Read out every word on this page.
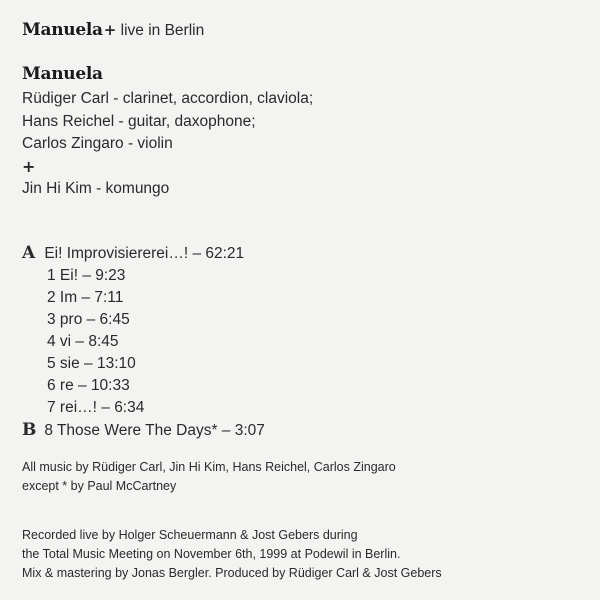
Manuela+ live in Berlin
Manuela
Rüdiger Carl - clarinet, accordion, claviola;
Hans Reichel - guitar, daxophone;
Carlos Zingaro - violin
+
Jin Hi Kim - komungo
A Ei! Improvisiererei…! – 62:21
1 Ei! – 9:23
2 Im – 7:11
3 pro – 6:45
4 vi – 8:45
5 sie – 13:10
6 re – 10:33
7 rei…! – 6:34
B 8 Those Were The Days* – 3:07
All music by Rüdiger Carl, Jin Hi Kim, Hans Reichel, Carlos Zingaro
except * by Paul McCartney
Recorded live by Holger Scheuermann & Jost Gebers during
the Total Music Meeting on November 6th, 1999 at Podewil in Berlin.
Mix & mastering by Jonas Bergler. Produced by Rüdiger Carl & Jost Gebers
